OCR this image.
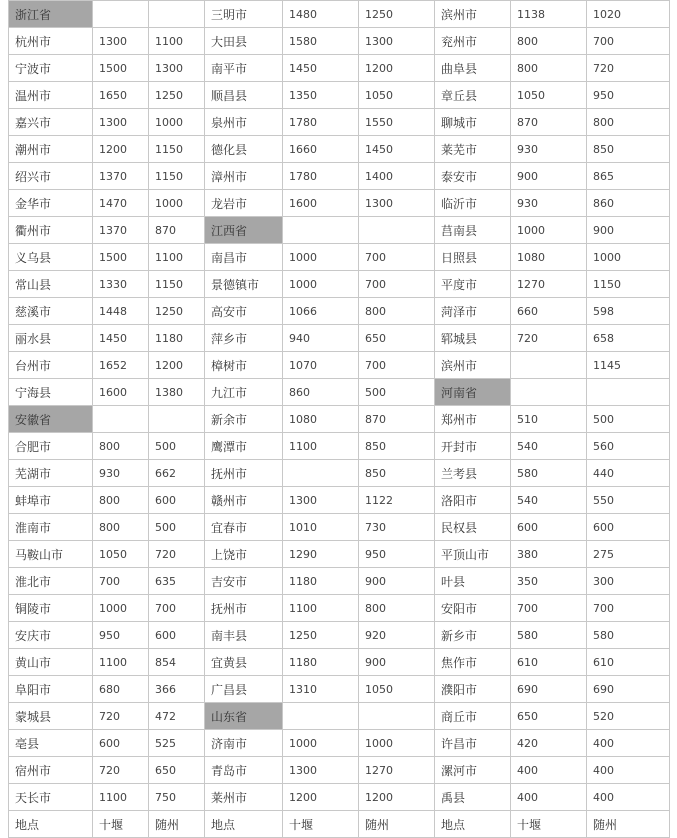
浙江省			三明市	1480	1250	滨州市	1138	1020
杭州市	1300	1100	大田县	1580	1300	兖州市	800	700
宁波市	1500	1300	南平市	1450	1200	曲阜县	800	720
温州市	1650	1250	顺昌县	1350	1050	章丘县	1050	950
嘉兴市	1300	1000	泉州市	1780	1550	聊城市	870	800
潮州市	1200	1150	德化县	1660	1450	莱芜市	930	850
绍兴市	1370	1150	漳州市	1780	1400	泰安市	900	865
金华市	1470	1000	龙岩市	1600	1300	临沂市	930	860
衢州市	1370	870	江西省			莒南县	1000	900
义乌县	1500	1100	南昌市	1000	700	日照县	1080	1000
常山县	1330	1150	景德镇市	1000	700	平度市	1270	1150
慈溪市	1448	1250	高安市	1066	800	菏泽市	660	598
丽水县	1450	1180	萍乡市	940	650	郓城县	720	658
台州市	1652	1200	樟树市	1070	700	滨州市		1145
宁海县	1600	1380	九江市	860	500	河南省		
安徽省			新余市	1080	870	郑州市	510	500
合肥市	800	500	鹰潭市	1100	850	开封市	540	560
芜湖市	930	662	抚州市		850	兰考县	580	440
蚌埠市	800	600	赣州市	1300	1122	洛阳市	540	550
淮南市	800	500	宜春市	1010	730	民权县	600	600
马鞍山市	1050	720	上饶市	1290	950	平顶山市	380	275
淮北市	700	635	吉安市	1180	900	叶县	350	300
铜陵市	1000	700	抚州市	1100	800	安阳市	700	700
安庆市	950	600	南丰县	1250	920	新乡市	580	580
黄山市	1100	854	宜黄县	1180	900	焦作市	610	610
阜阳市	680	366	广昌县	1310	1050	濮阳市	690	690
蒙城县	720	472	山东省			商丘市	650	520
亳县	600	525	济南市	1000	1000	许昌市	420	400
宿州市	720	650	青岛市	1300	1270	漯河市	400	400
天长市	1100	750	莱州市	1200	1200	禹县	400	400
地点	十堰	随州	地点	十堰	随州	地点	十堰	随州
